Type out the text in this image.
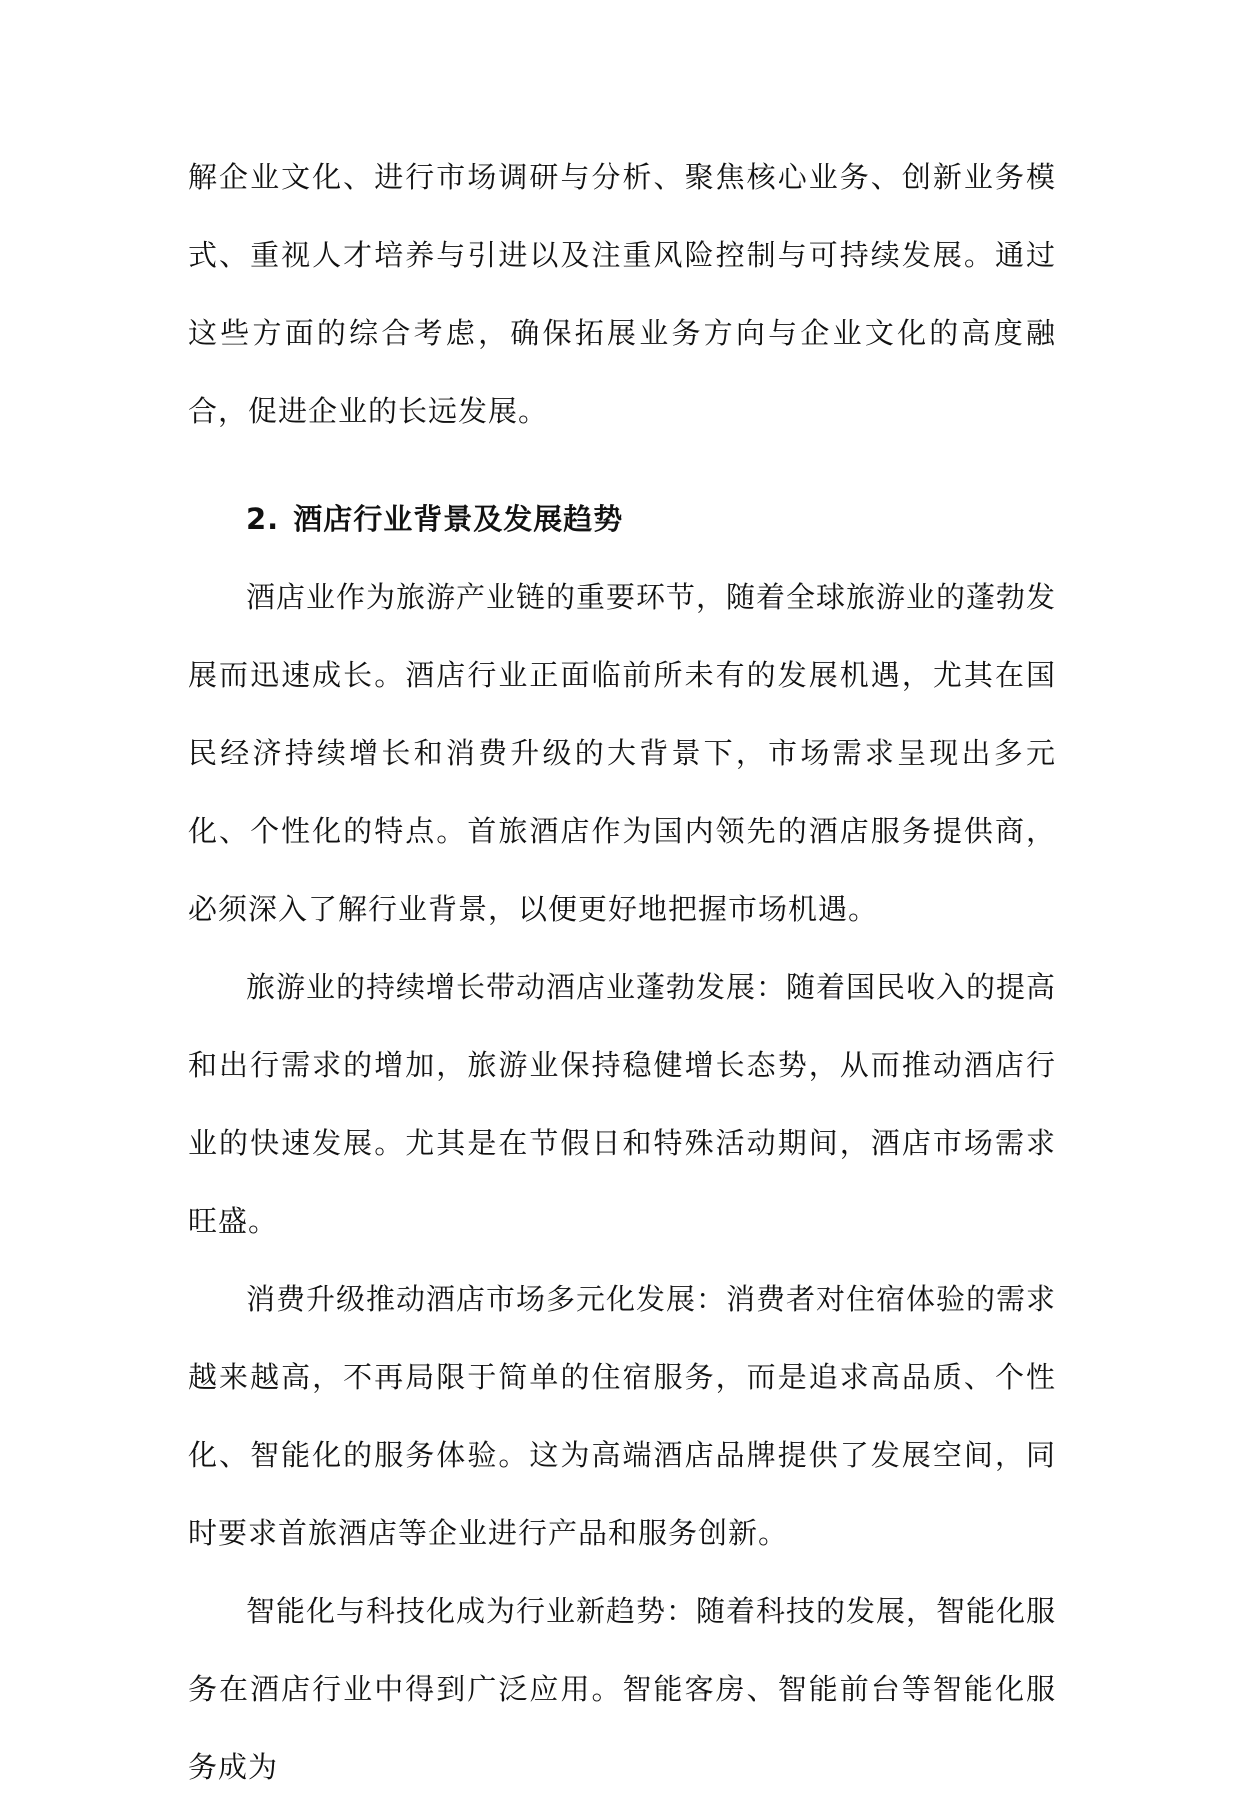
解企业文化、进行市场调研与分析、聚焦核心业务、创新业务模式、重视人才培养与引进以及注重风险控制与可持续发展。通过这些方面的综合考虑，确保拓展业务方向与企业文化的高度融合，促进企业的长远发展。

2. 酒店行业背景及发展趋势

酒店业作为旅游产业链的重要环节，随着全球旅游业的蓬勃发展而迅速成长。酒店行业正面临前所未有的发展机遇，尤其在国民经济持续增长和消费升级的大背景下，市场需求呈现出多元化、个性化的特点。首旅酒店作为国内领先的酒店服务提供商，必须深入了解行业背景，以便更好地把握市场机遇。

旅游业的持续增长带动酒店业蓬勃发展：随着国民收入的提高和出行需求的增加，旅游业保持稳健增长态势，从而推动酒店行业的快速发展。尤其是在节假日和特殊活动期间，酒店市场需求旺盛。

消费升级推动酒店市场多元化发展：消费者对住宿体验的需求越来越高，不再局限于简单的住宿服务，而是追求高品质、个性化、智能化的服务体验。这为高端酒店品牌提供了发展空间，同时要求首旅酒店等企业进行产品和服务创新。

智能化与科技化成为行业新趋势：随着科技的发展，智能化服务在酒店行业中得到广泛应用。智能客房、智能前台等智能化服务成为
